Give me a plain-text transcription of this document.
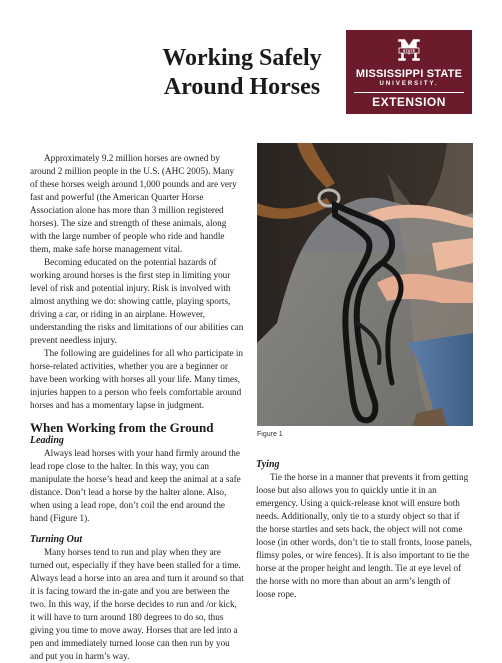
Working Safely
Around Horses
STATE
MISSISSIPPI STATE
UNIVERSITY.
EXTENSION

Approximately 9.2 million horses are owned by around 2 million people in the U.S. (AHC 2005). Many of these horses weigh around 1,000 pounds and are very fast and powerful (the American Quarter Horse Association alone has more than 3 million registered horses). The size and strength of these animals, along with the large number of people who ride and handle them, make safe horse management vital.

Becoming educated on the potential hazards of working around horses is the first step in limiting your level of risk and potential injury. Risk is involved with almost anything we do: showing cattle, playing sports, driving a car, or riding in an airplane. However, understanding the risks and limitations of our abilities can prevent needless injury.

The following are guidelines for all who participate in horse-related activities, whether you are a beginner or have been working with horses all your life. Many times, injuries happen to a person who feels comfortable around horses and has a momentary lapse in judgment.

When Working from the Ground
Leading

Always lead horses with your hand firmly around the lead rope close to the halter. In this way, you can manipulate the horse’s head and keep the animal at a safe distance. Don’t lead a horse by the halter alone. Also, when using a lead rope, don’t coil the end around the hand (Figure 1).

Turning Out

Many horses tend to run and play when they are turned out, especially if they have been stalled for a time. Always lead a horse into an area and turn it around so that it is facing toward the in-gate and you are between the two. In this way, if the horse decides to run and /or kick, it will have to turn around 180 degrees to do so, thus giving you time to move away. Horses that are led into a pen and immediately turned loose can then run by you and put you in harm’s way.

Figure 1
Tying

Tie the horse in a manner that prevents it from getting loose but also allows you to quickly untie it in an emergency. Using a quick-release knot will ensure both needs. Additionally, only tie to a sturdy object so that if the horse startles and sets back, the object will not come loose (in other words, don’t tie to stall fronts, loose panels, flimsy poles, or wire fences). It is also important to tie the horse at the proper height and length. Tie at eye level of the horse with no more than about an arm’s length of loose rope.
